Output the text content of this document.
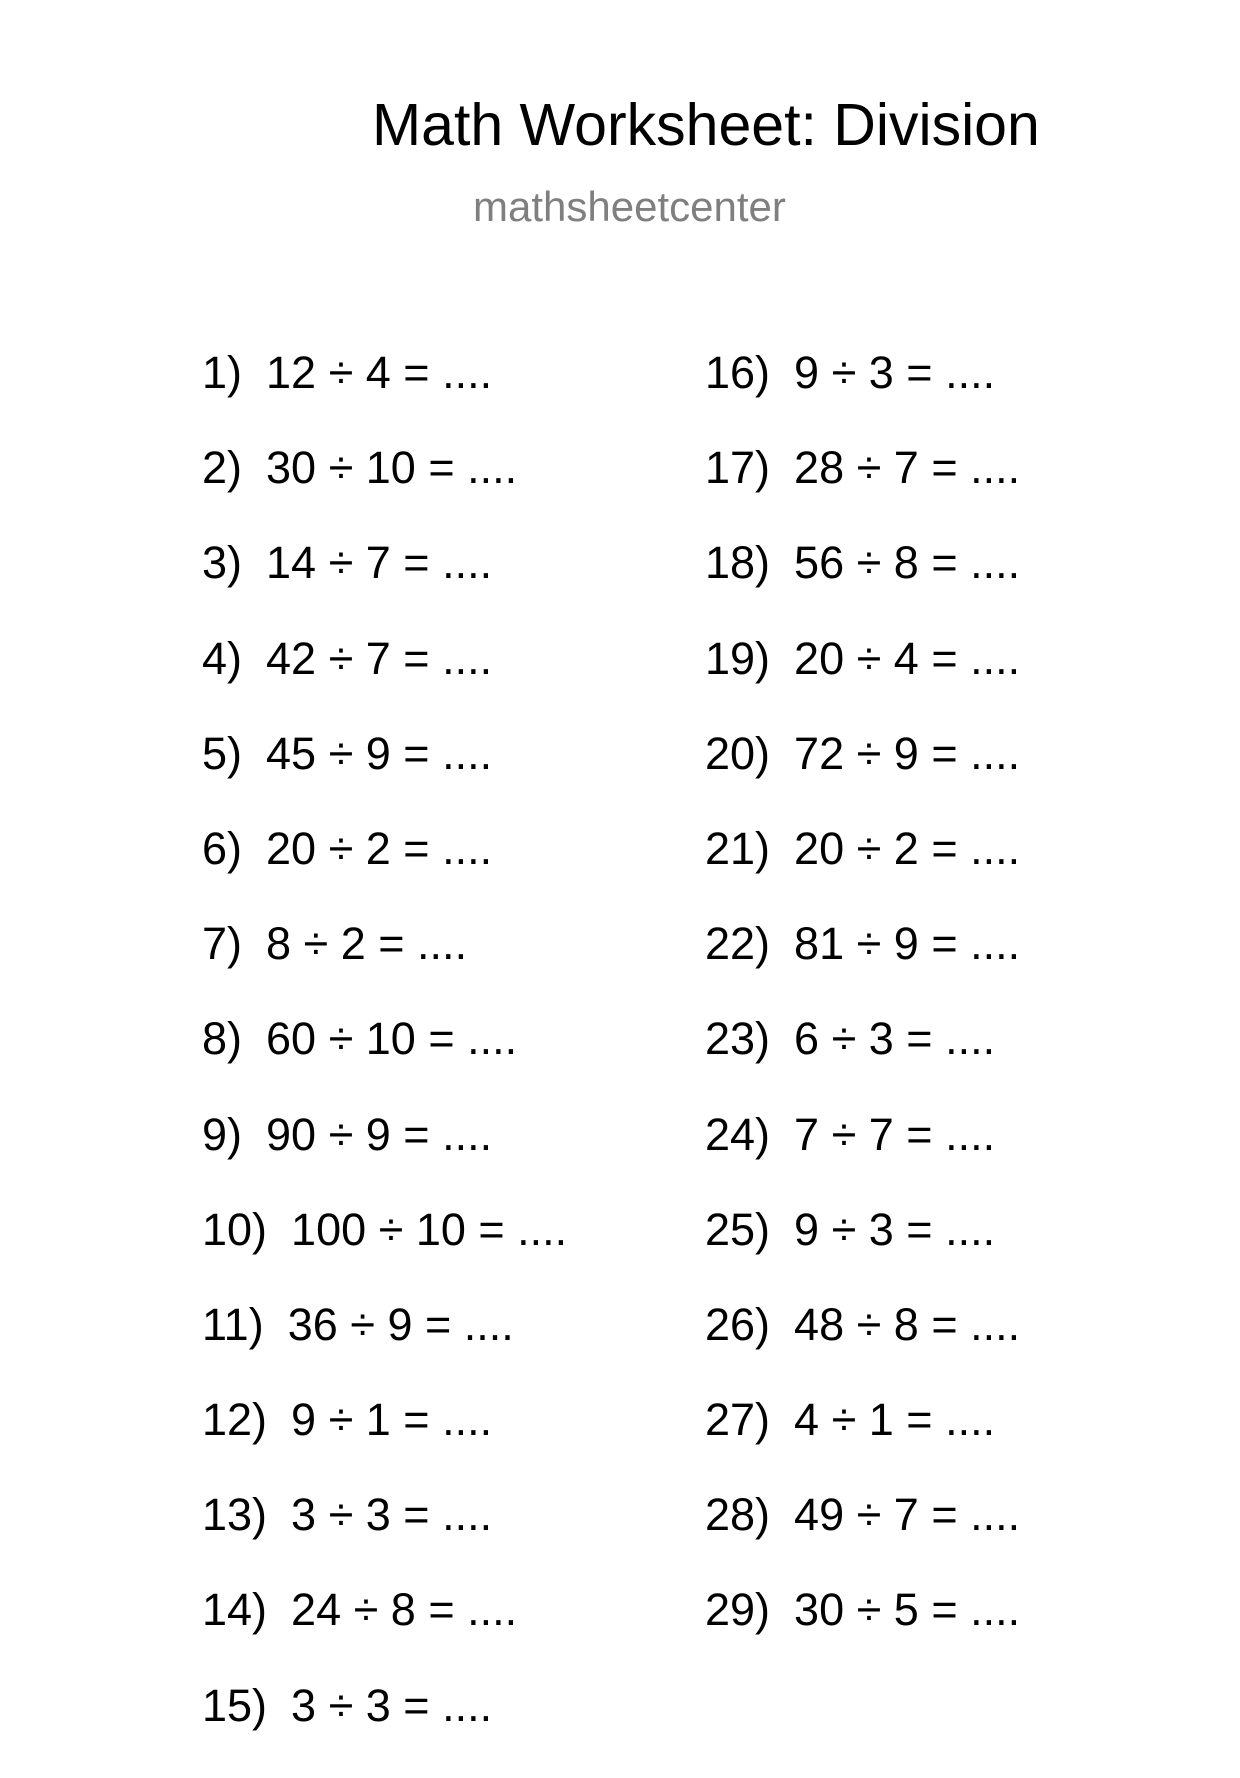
Math Worksheet: Division
mathsheetcenter
1) 12 ÷ 4 = ....
2) 30 ÷ 10 = ....
3) 14 ÷ 7 = ....
4) 42 ÷ 7 = ....
5) 45 ÷ 9 = ....
6) 20 ÷ 2 = ....
7) 8 ÷ 2 = ....
8) 60 ÷ 10 = ....
9) 90 ÷ 9 = ....
10) 100 ÷ 10 = ....
11) 36 ÷ 9 = ....
12) 9 ÷ 1 = ....
13) 3 ÷ 3 = ....
14) 24 ÷ 8 = ....
15) 3 ÷ 3 = ....
16) 9 ÷ 3 = ....
17) 28 ÷ 7 = ....
18) 56 ÷ 8 = ....
19) 20 ÷ 4 = ....
20) 72 ÷ 9 = ....
21) 20 ÷ 2 = ....
22) 81 ÷ 9 = ....
23) 6 ÷ 3 = ....
24) 7 ÷ 7 = ....
25) 9 ÷ 3 = ....
26) 48 ÷ 8 = ....
27) 4 ÷ 1 = ....
28) 49 ÷ 7 = ....
29) 30 ÷ 5 = ....
